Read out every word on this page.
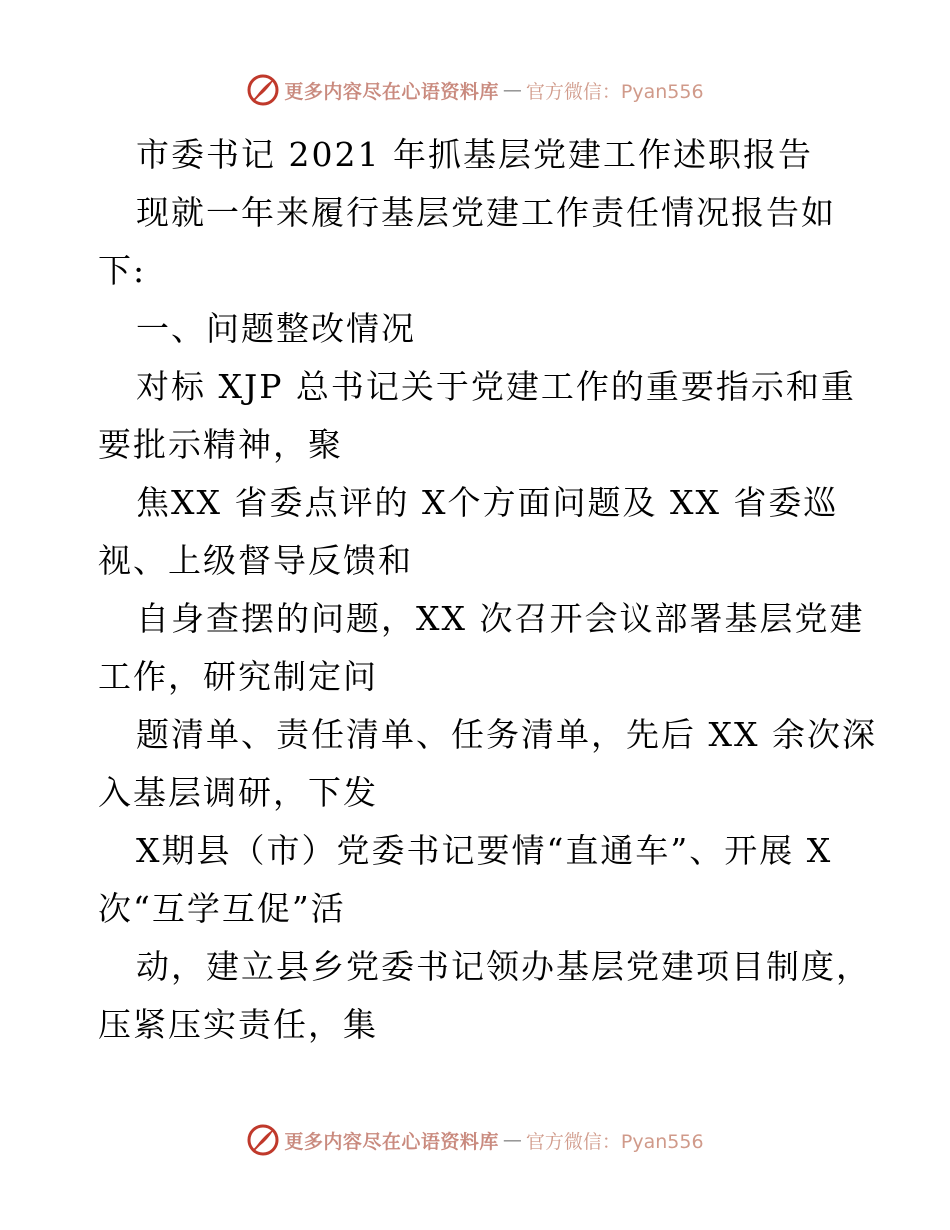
更多内容尽在心语资料库 — 官方微信：Pyan556
市委书记 2021 年抓基层党建工作述职报告
现就一年来履行基层党建工作责任情况报告如
下:
一、问题整改情况
对标 XJP 总书记关于党建工作的重要指示和重
要批示精神，聚
焦XX 省委点评的 X个方面问题及 XX 省委巡
视、上级督导反馈和
自身查摆的问题，XX 次召开会议部署基层党建
工作，研究制定问
题清单、责任清单、任务清单，先后 XX 余次深
入基层调研，下发
X期县（市）党委书记要情“直通车”、开展 X
次“互学互促”活
动，建立县乡党委书记领办基层党建项目制度，
压紧压实责任，集
更多内容尽在心语资料库 — 官方微信：Pyan556
